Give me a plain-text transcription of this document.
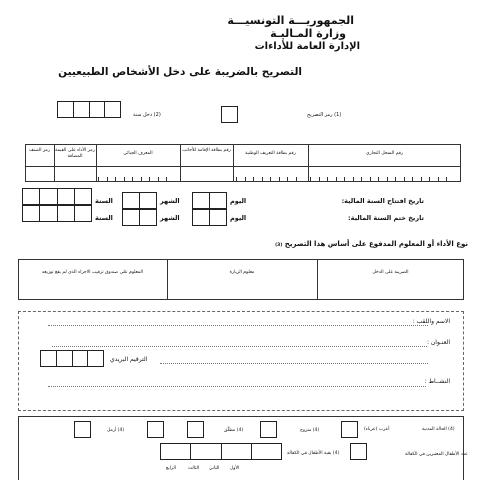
الجمهوريـــة التونسيـــة
وزارة المـاليـة
الإدارة العامة للأداءات
التصريح بالضريبة على دخل الأشخاص الطبيعيين
(1) رمز التصريح
(2) دخل سنة
رقم السجل التجاري
رقم بطاقة التعريف الوطنية
رقم بطاقة الإقامة للأجانب
المعرف الجبائي
رمز الأداء على القيمة المضافة
رمز الصنف
تاريخ افتتاح السنة المالية:
اليوم
الشهر
السنة
تاريخ ختم السنة المالية:
اليوم
الشهر
السنة
نوع الأداء أو المعلوم المدفوع على أساس هذا التصريح (3)
الضريبة على الدخل
معلوم الزيارة
المعلوم على صندوق ترقيب الاجراء الذي لم يقع توزيعه
الاسم واللقب :
العنـوان :
الترقيم البريدي
النشــاط :
(4) الحالة المدنية
أعزب (عزباء)
(4) متزوج
(4) مطلّق
(4) أرمل
عدد الأطفال المعتبرين في الكفالة
(4) بقية الأطفال في الكفالة
الأول
الثاني
الثالث
الرابع
